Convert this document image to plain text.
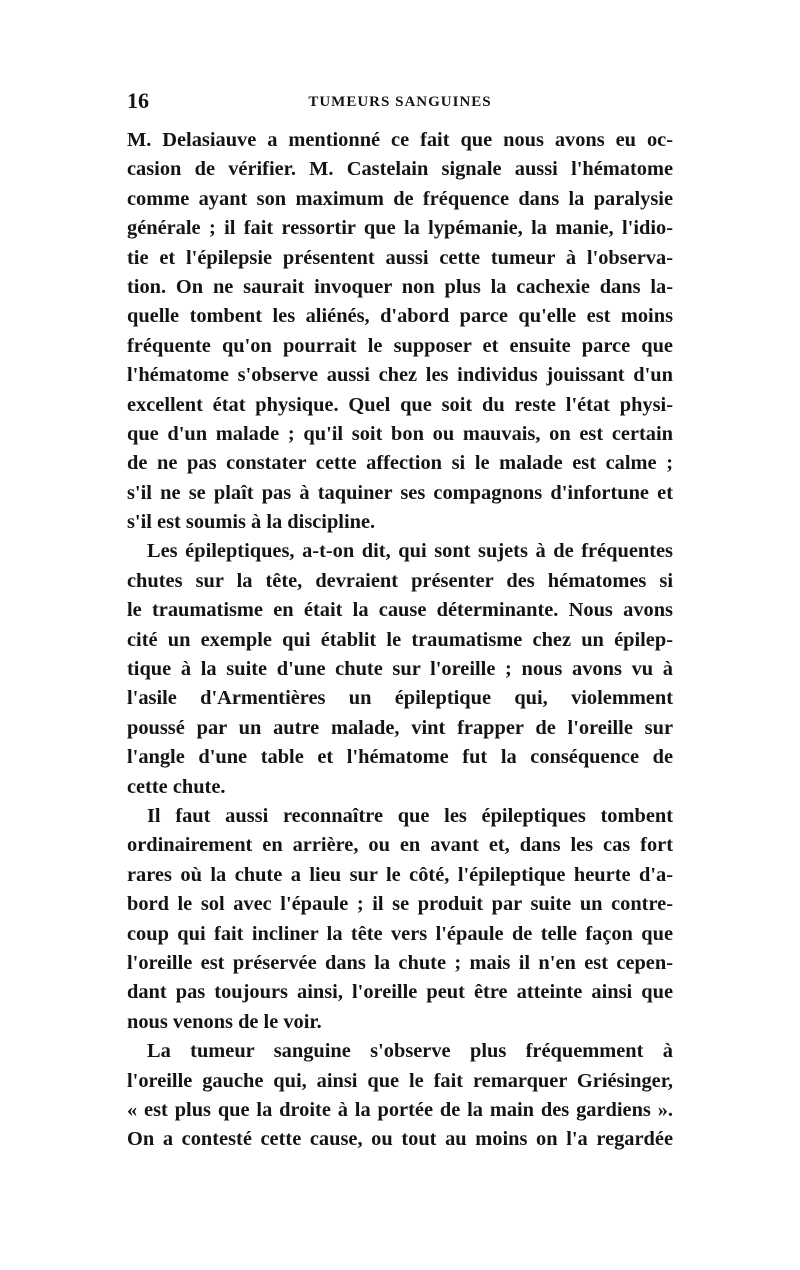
16	TUMEURS SANGUINES
M. Delasiauve a mentionné ce fait que nous avons eu oc-
casion de vérifier. M. Castelain signale aussi l'hématome
comme ayant son maximum de fréquence dans la paralysie
générale ; il fait ressortir que la lypémanie, la manie, l'idio-
tie et l'épilepsie présentent aussi cette tumeur à l'observa-
tion. On ne saurait invoquer non plus la cachexie dans la-
quelle tombent les aliénés, d'abord parce qu'elle est moins
fréquente qu'on pourrait le supposer et ensuite parce que
l'hématome s'observe aussi chez les individus jouissant d'un
excellent état physique. Quel que soit du reste l'état physi-
que d'un malade ; qu'il soit bon ou mauvais, on est certain
de ne pas constater cette affection si le malade est calme ;
s'il ne se plaît pas à taquiner ses compagnons d'infortune et
s'il est soumis à la discipline.
Les épileptiques, a-t-on dit, qui sont sujets à de fréquentes
chutes sur la tête, devraient présenter des hématomes si
le traumatisme en était la cause déterminante. Nous avons
cité un exemple qui établit le traumatisme chez un épilep-
tique à la suite d'une chute sur l'oreille ; nous avons vu à
l'asile d'Armentières un épileptique qui, violemment
poussé par un autre malade, vint frapper de l'oreille sur
l'angle d'une table et l'hématome fut la conséquence de
cette chute.
Il faut aussi reconnaître que les épileptiques tombent
ordinairement en arrière, ou en avant et, dans les cas fort
rares où la chute a lieu sur le côté, l'épileptique heurte d'a-
bord le sol avec l'épaule ; il se produit par suite un contre-
coup qui fait incliner la tête vers l'épaule de telle façon que
l'oreille est préservée dans la chute ; mais il n'en est cepen-
dant pas toujours ainsi, l'oreille peut être atteinte ainsi que
nous venons de le voir.
La tumeur sanguine s'observe plus fréquemment à
l'oreille gauche qui, ainsi que le fait remarquer Griésinger,
« est plus que la droite à la portée de la main des gardiens ».
On a contesté cette cause, ou tout au moins on l'a regardée
